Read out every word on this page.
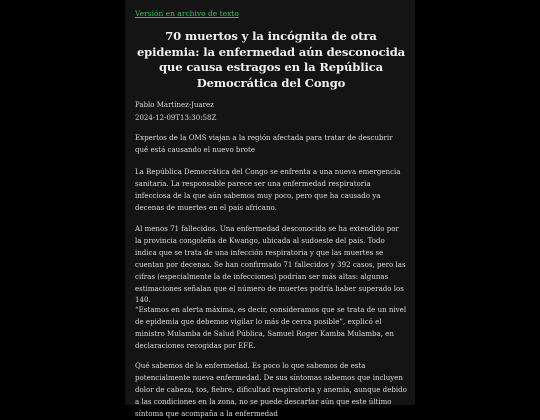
Versión en archivo de texto
70 muertos y la incógnita de otra epidemia: la enfermedad aún desconocida que causa estragos en la República Democrática del Congo
Pablo Martínez-Juarez
2024-12-09T13:30:58Z

Expertos de la OMS viajan a la región afectada para tratar de descubrir qué está causando el nuevo brote

La República Democrática del Congo se enfrenta a una nueva emergencia sanitaria. La responsable parece ser una enfermedad respiratoria infecciosa de la que aún sabemos muy poco, pero que ha causado ya decenas de muertes en el país africano.

Al menos 71 fallecidos. Una enfermedad desconocida se ha extendido por la provincia congoleña de Kwango, ubicada al sudoeste del país. Todo indica que se trata de una infección respiratoria y que las muertes se cuentan por decenas. Se han confirmado 71 fallecidos y 392 casos, pero las cifras (especialmente la de infecciones) podrían ser más altas: algunas estimaciones señalan que el número de muertes podría haber superado los 140.

“Estamos en alerta máxima, es decir, consideramos que se trata de un nivel de epidemia que debemos vigilar lo más de cerca posible”, explicó el ministro Mulamba de Salud Pública, Samuel Roger Kamba Mulamba, en declaraciones recogidas por EFE.

Qué sabemos de la enfermedad. Es poco lo que sabemos de esta potencialmente nueva enfermedad. De sus síntomas sabemos que incluyen dolor de cabeza, tos, fiebre, dificultad respiratoria y anemia, aunque debido a las condiciones en la zona, no se puede descartar aún que este último síntoma que acompaña a la enfermedad
